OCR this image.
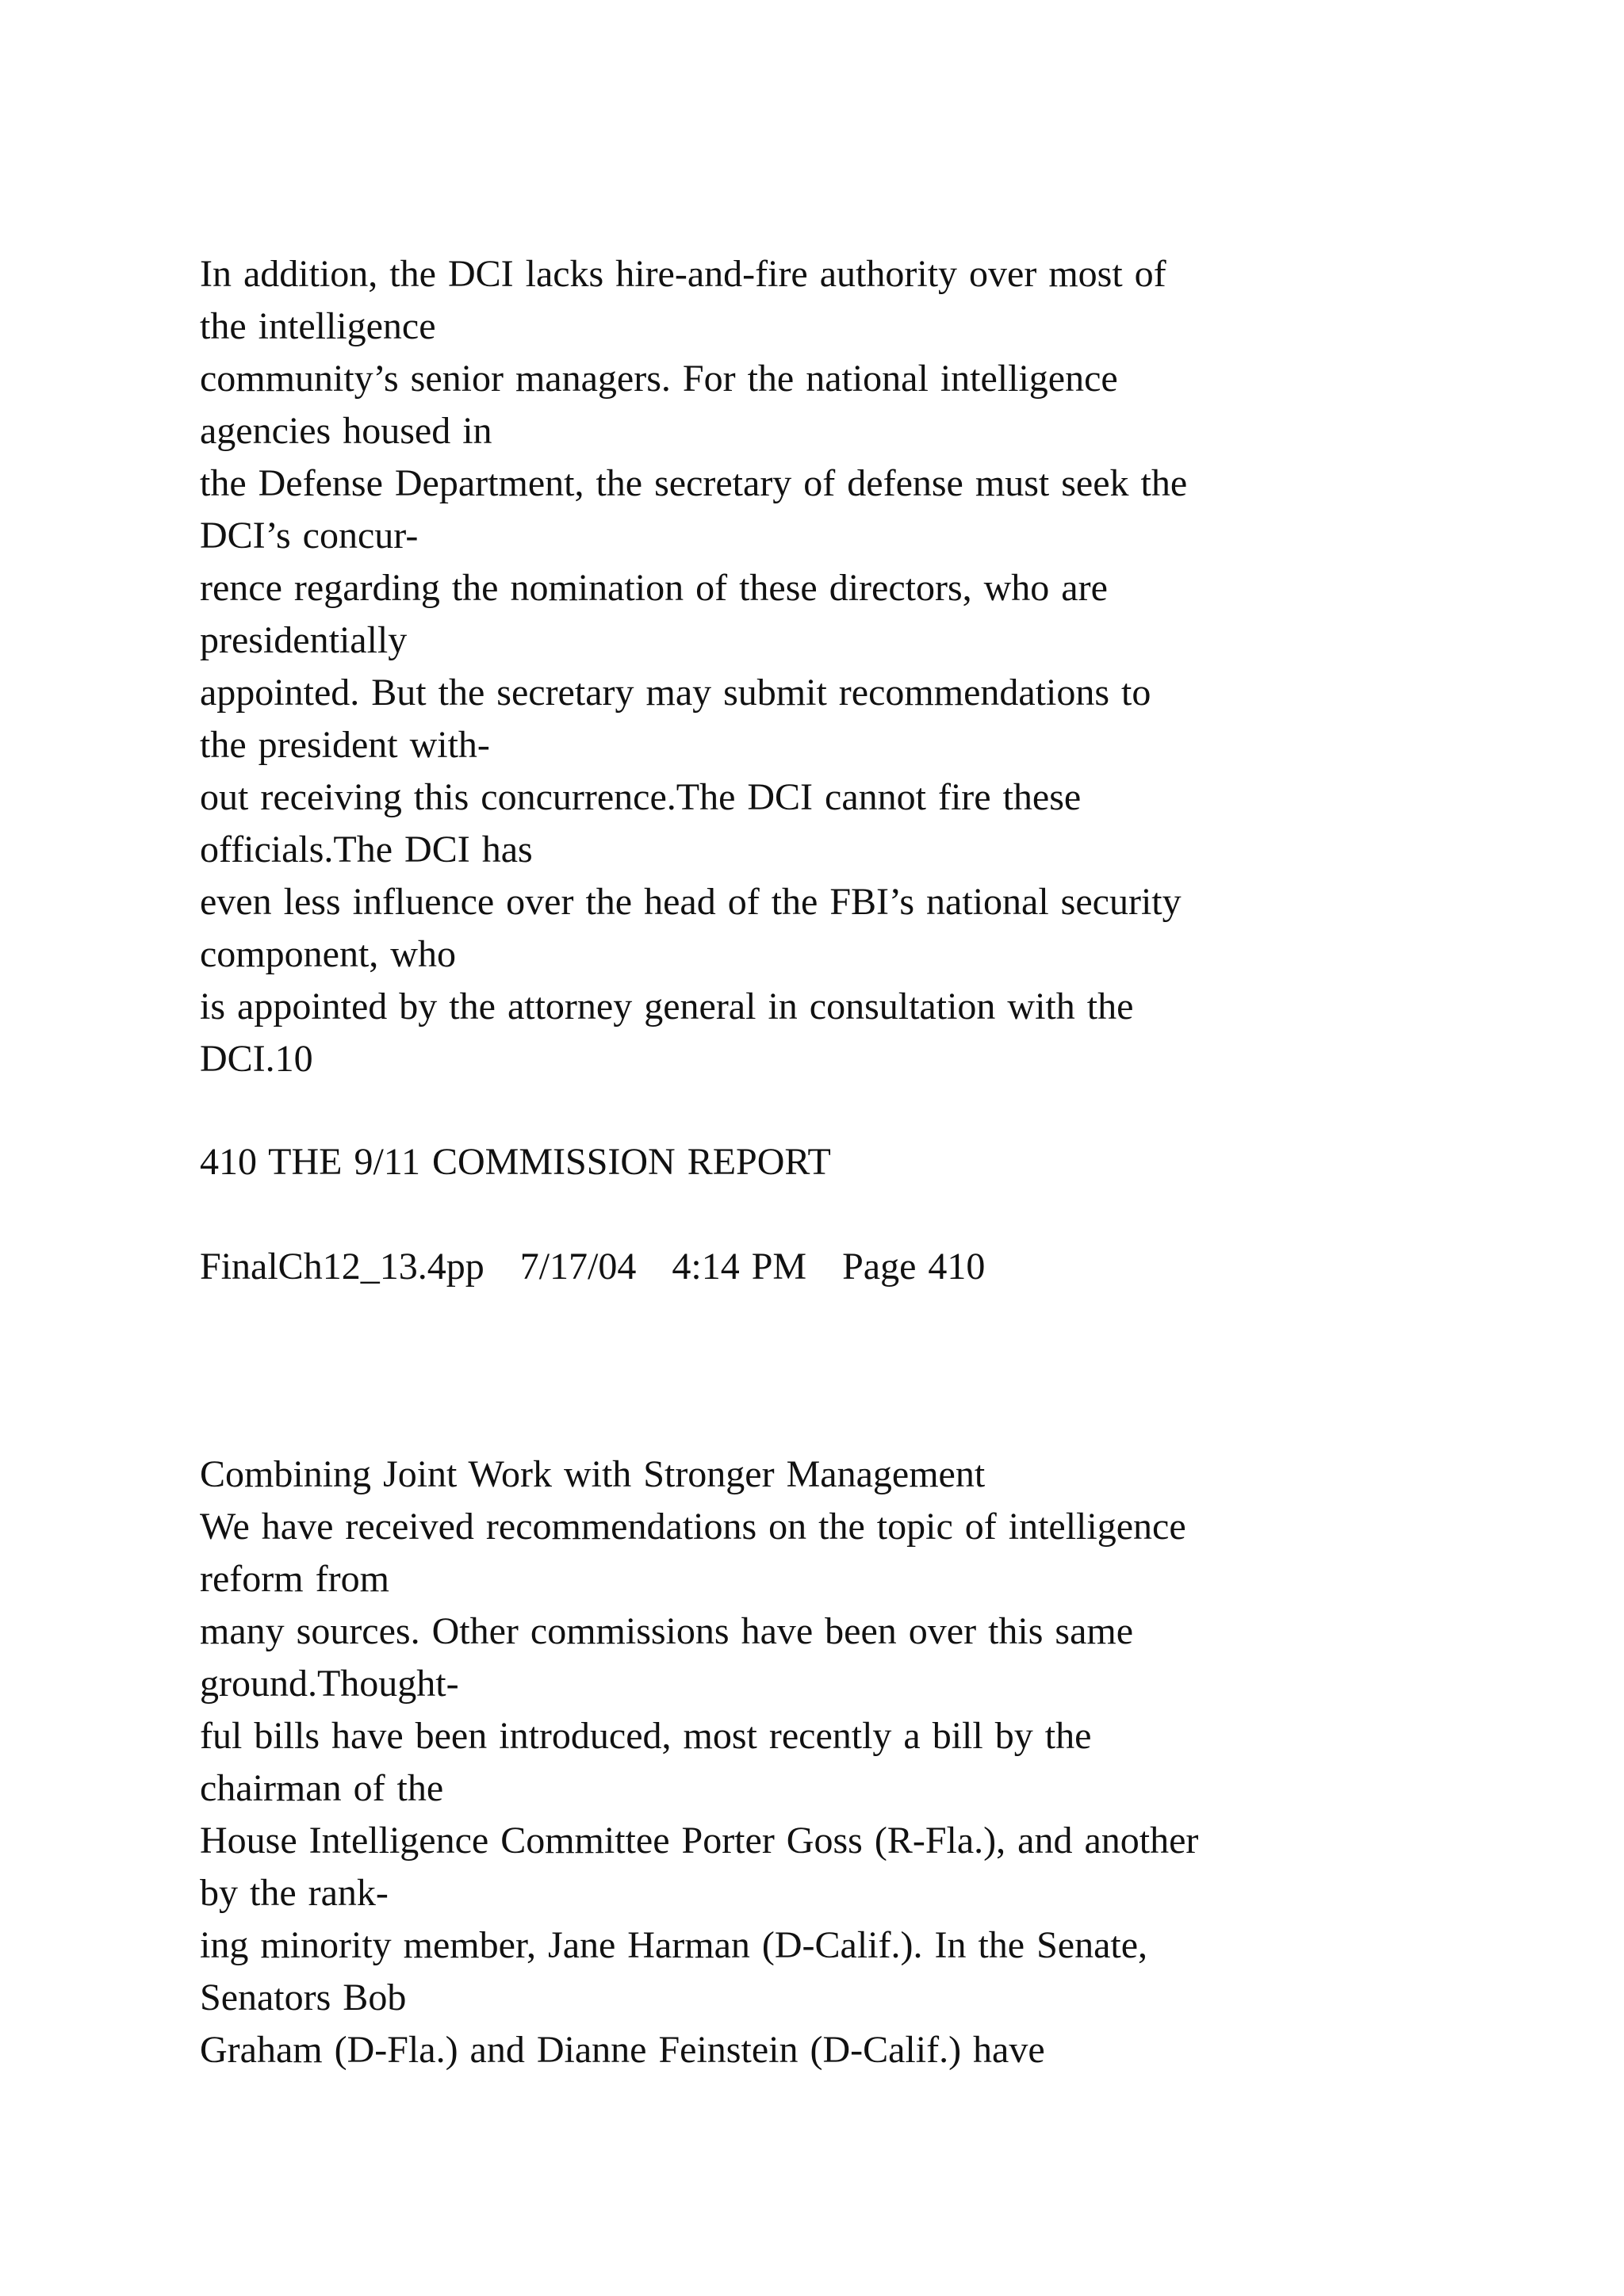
In addition, the DCI lacks hire-and-fire authority over most of

the intelligence

community’s senior managers. For the national intelligence

agencies housed in

the Defense Department, the secretary of defense must seek the

DCI’s concur-

rence regarding the nomination of these directors, who are

presidentially

appointed. But the secretary may submit recommendations to

the president with-

out receiving this concurrence.The DCI cannot fire these

officials.The DCI has

even less influence over the head of the FBI’s national security

component, who

is appointed by the attorney general in consultation with the

DCI.10

410 THE 9/11 COMMISSION REPORT

FinalCh12_13.4pp   7/17/04   4:14 PM   Page 410

Combining Joint Work with Stronger Management

We have received recommendations on the topic of intelligence

reform from

many sources. Other commissions have been over this same

ground.Thought-

ful bills have been introduced, most recently a bill by the

chairman of the

House Intelligence Committee Porter Goss (R-Fla.), and another

by the rank-

ing minority member, Jane Harman (D-Calif.). In the Senate,

Senators Bob

Graham (D-Fla.) and Dianne Feinstein (D-Calif.) have
